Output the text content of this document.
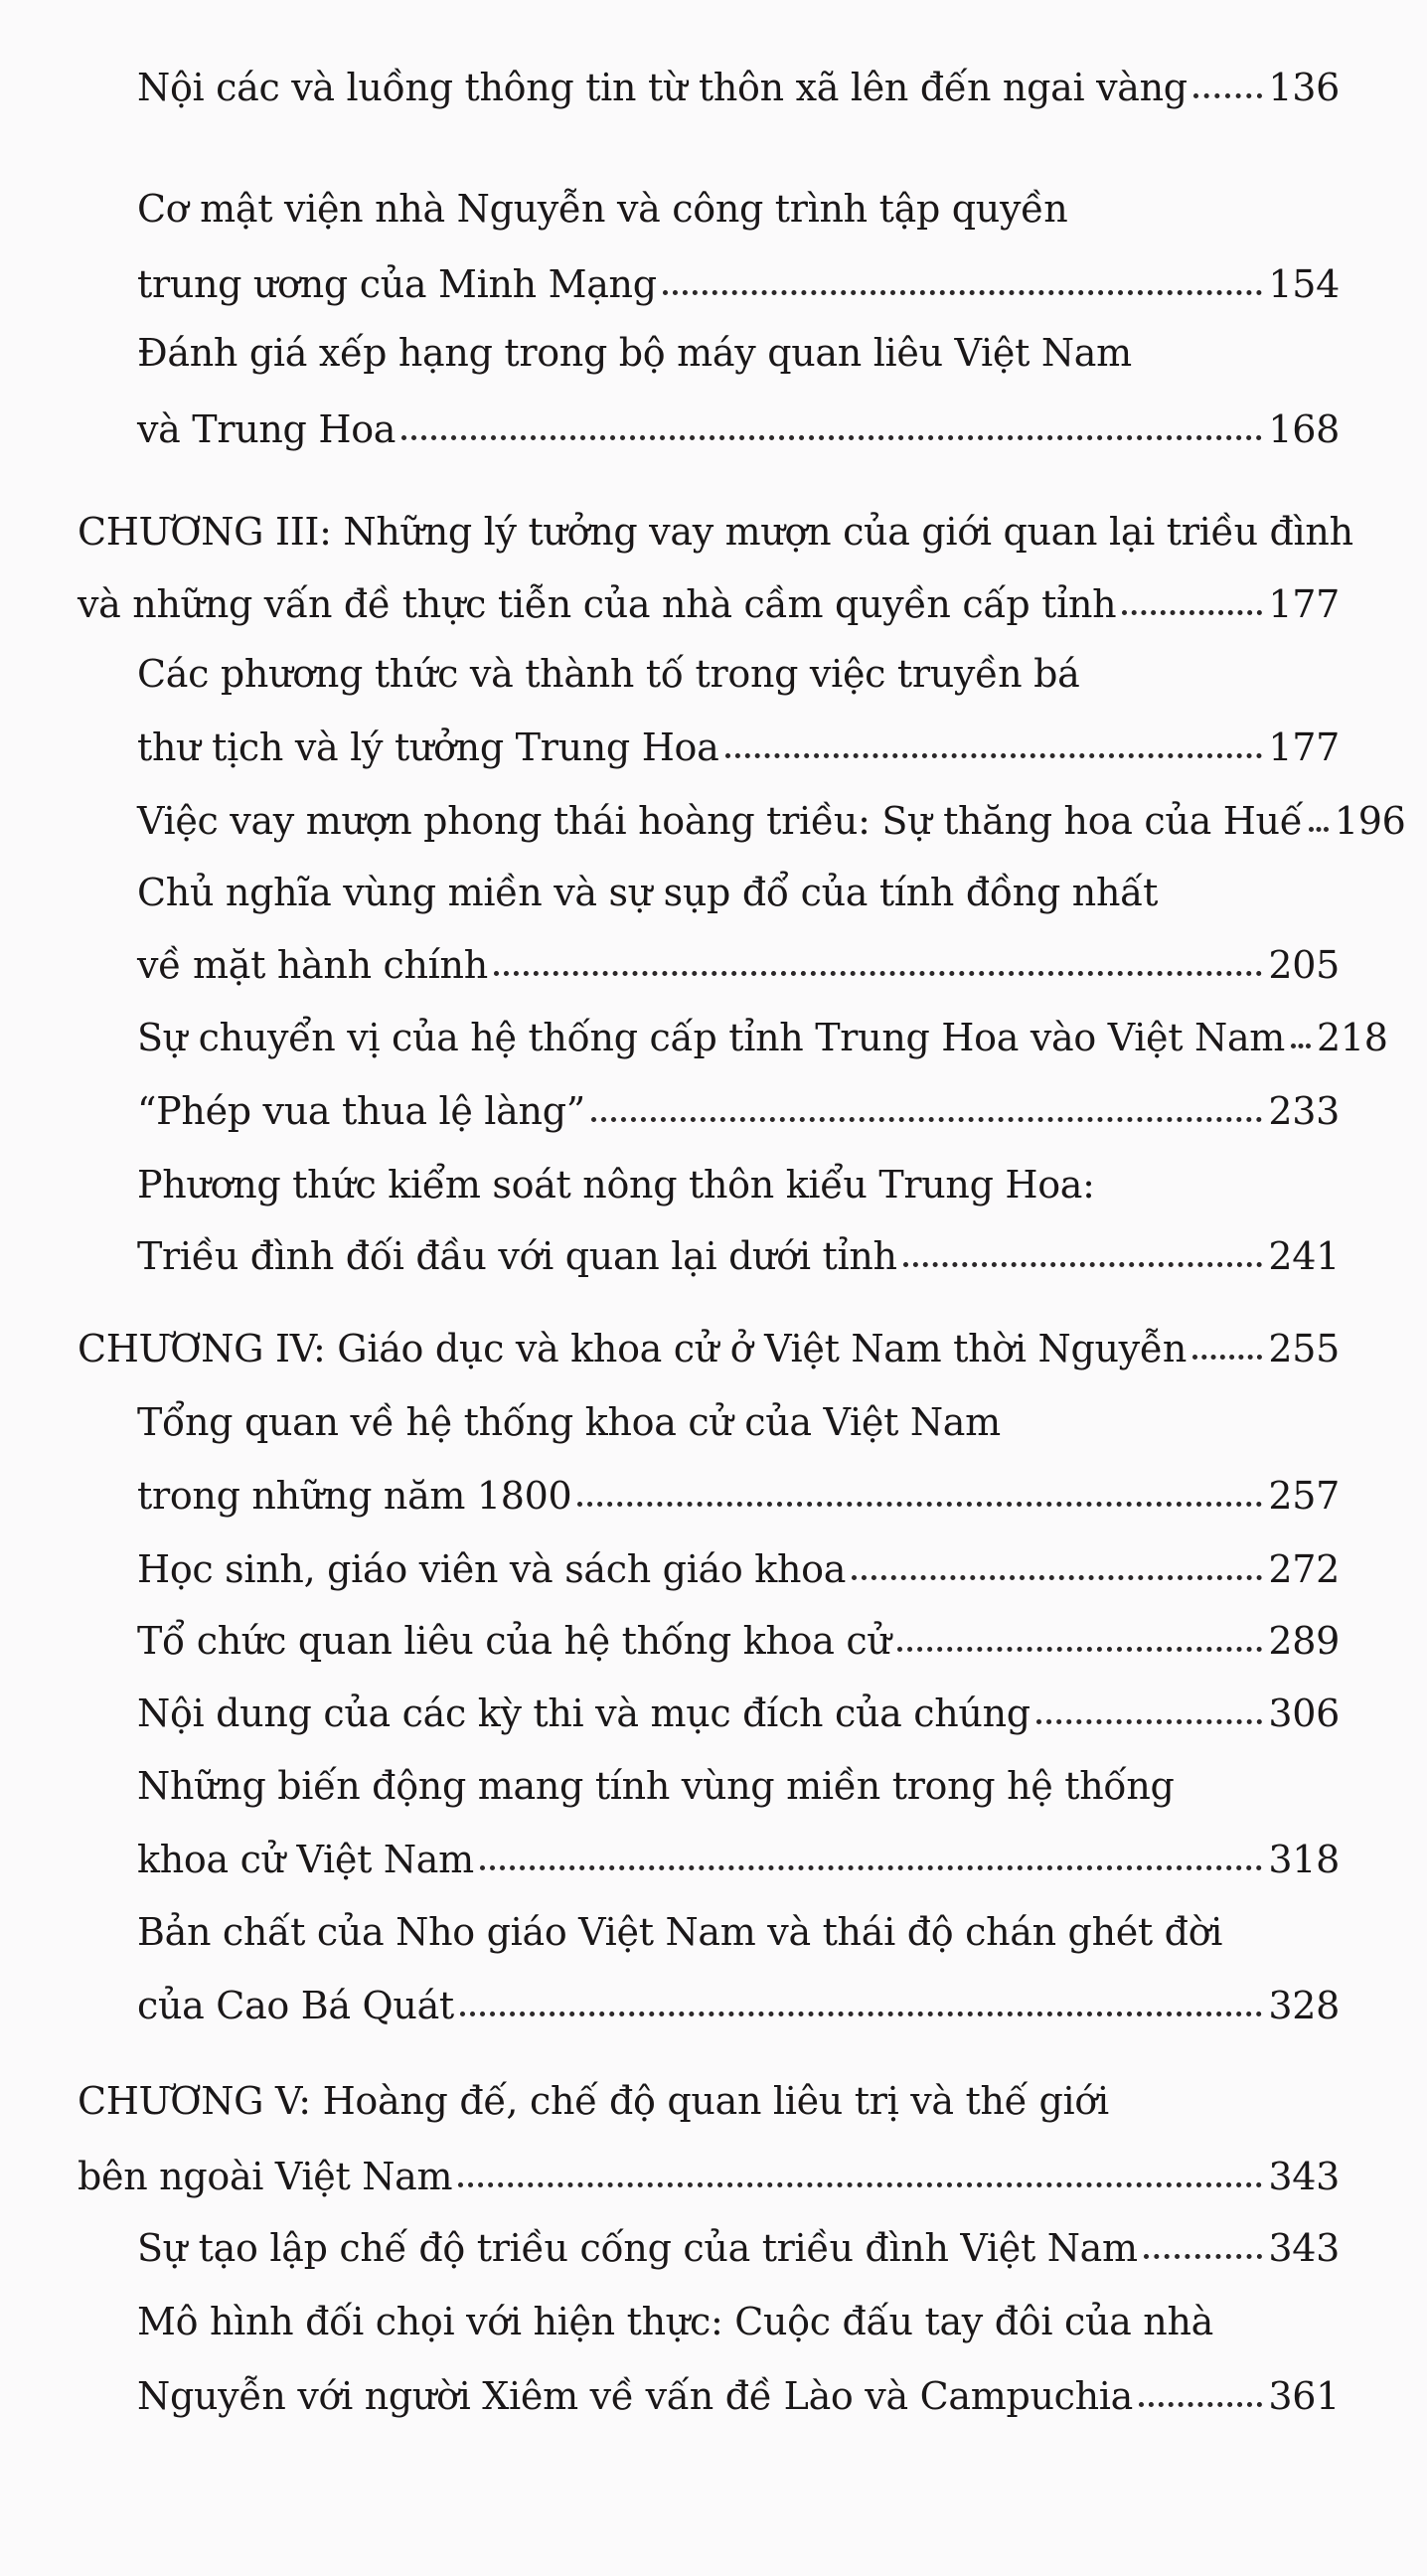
Nội các và luồng thông tin từ thôn xã lên đến ngai vàng 136
Cơ mật viện nhà Nguyễn và công trình tập quyền
trung ương của Minh Mạng	154
Đánh giá xếp hạng trong bộ máy quan liêu Việt Nam
và Trung Hoa	168
CHƯƠNG III: Những lý tưởng vay mượn của giới quan lại triều đình
và những vấn đề thực tiễn của nhà cầm quyền cấp tỉnh	177
Các phương thức và thành tố trong việc truyền bá
thư tịch và lý tưởng Trung Hoa	177
Việc vay mượn phong thái hoàng triều: Sự thăng hoa của Huế 196
Chủ nghĩa vùng miền và sự sụp đổ của tính đồng nhất
về mặt hành chính	205
Sự chuyển vị của hệ thống cấp tỉnh Trung Hoa vào Việt Nam 218
“Phép vua thua lệ làng”	233
Phương thức kiểm soát nông thôn kiểu Trung Hoa:
Triều đình đối đầu với quan lại dưới tỉnh	241
CHƯƠNG IV: Giáo dục và khoa cử ở Việt Nam thời Nguyễn 255
Tổng quan về hệ thống khoa cử của Việt Nam
trong những năm 1800	257
Học sinh, giáo viên và sách giáo khoa	272
Tổ chức quan liêu của hệ thống khoa cử	289
Nội dung của các kỳ thi và mục đích của chúng	306
Những biến động mang tính vùng miền trong hệ thống
khoa cử Việt Nam	318
Bản chất của Nho giáo Việt Nam và thái độ chán ghét đời
của Cao Bá Quát	328
CHƯƠNG V: Hoàng đế, chế độ quan liêu trị và thế giới
bên ngoài Việt Nam	343
Sự tạo lập chế độ triều cống của triều đình Việt Nam	343
Mô hình đối chọi với hiện thực: Cuộc đấu tay đôi của nhà
Nguyễn với người Xiêm về vấn đề Lào và Campuchia	361
